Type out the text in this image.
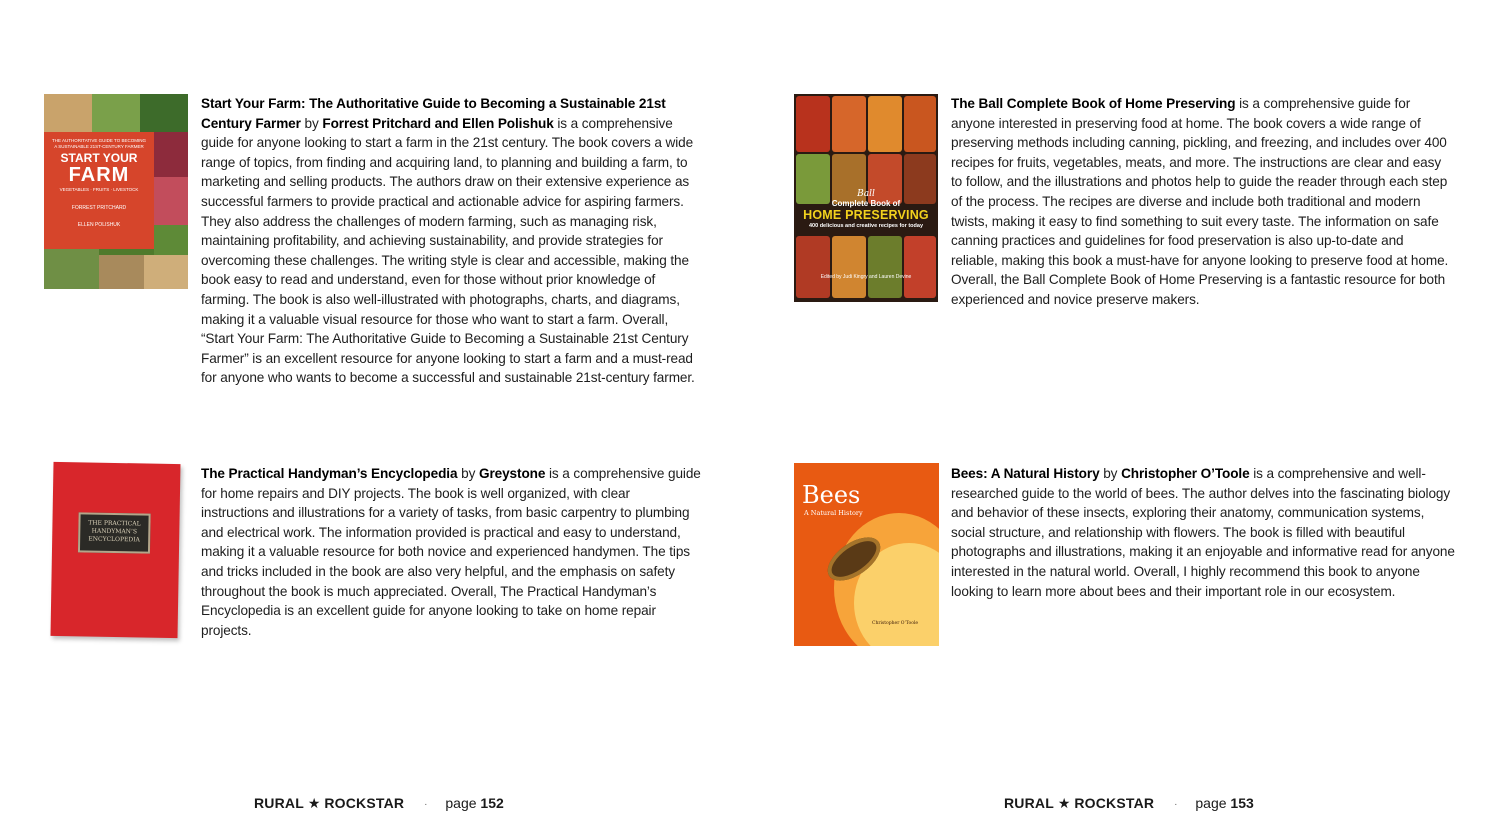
THE AUTHORITATIVE GUIDE TO BECOMING A SUSTAINABLE 21ST-CENTURY FARMER
START YOUR
FARM
VEGETABLES · FRUITS · LIVESTOCK
FORREST PRITCHARD
ELLEN POLISHUK
Start Your Farm: The Authoritative Guide to Becoming a Sustainable 21st Century Farmer by Forrest Pritchard and Ellen Polishuk is a comprehensive guide for anyone looking to start a farm in the 21st century. The book covers a wide range of topics, from finding and acquiring land, to planning and building a farm, to marketing and selling products. The authors draw on their extensive experience as successful farmers to provide practical and actionable advice for aspiring farmers. They also address the challenges of modern farming, such as managing risk, maintaining profitability, and achieving sustainability, and provide strategies for overcoming these challenges. The writing style is clear and accessible, making the book easy to read and understand, even for those without prior knowledge of farming. The book is also well-illustrated with photographs, charts, and diagrams, making it a valuable visual resource for those who want to start a farm. Overall, “Start Your Farm: The Authoritative Guide to Becoming a Sustainable 21st Century Farmer” is an excellent resource for anyone looking to start a farm and a must-read for anyone who wants to become a successful and sustainable 21st-century farmer.
Ball
Complete Book of
HOME PRESERVING
400 delicious and creative recipes for today
Edited by Judi Kingry and Lauren Devine
The Ball Complete Book of Home Preserving is a comprehensive guide for anyone interested in preserving food at home. The book covers a wide range of preserving methods including canning, pickling, and freezing, and includes over 400 recipes for fruits, vegetables, meats, and more. The instructions are clear and easy to follow, and the illustrations and photos help to guide the reader through each step of the process. The recipes are diverse and include both traditional and modern twists, making it easy to find something to suit every taste. The information on safe canning practices and guidelines for food preservation is also up-to-date and reliable, making this book a must-have for anyone looking to preserve food at home. Overall, the Ball Complete Book of Home Preserving is a fantastic resource for both experienced and novice preserve makers.
THE PRACTICAL
HANDYMAN’S
ENCYCLOPEDIA
The Practical Handyman’s Encyclopedia by Greystone is a comprehensive guide for home repairs and DIY projects. The book is well organized, with clear instructions and illustrations for a variety of tasks, from basic carpentry to plumbing and electrical work. The information provided is practical and easy to understand, making it a valuable resource for both novice and experienced handymen. The tips and tricks included in the book are also very helpful, and the emphasis on safety throughout the book is much appreciated. Overall, The Practical Handyman’s Encyclopedia is an excellent guide for anyone looking to take on home repair projects.
Bees
A Natural History
Christopher O’Toole
Bees: A Natural History by Christopher O’Toole is a comprehensive and well-researched guide to the world of bees. The author delves into the fascinating biology and behavior of these insects, exploring their anatomy, communication systems, social structure, and relationship with flowers. The book is filled with beautiful photographs and illustrations, making it an enjoyable and informative read for anyone interested in the natural world. Overall, I highly recommend this book to anyone looking to learn more about bees and their important role in our ecosystem.
RURAL ★ ROCKSTAR · page 152	RURAL ★ ROCKSTAR · page 153
